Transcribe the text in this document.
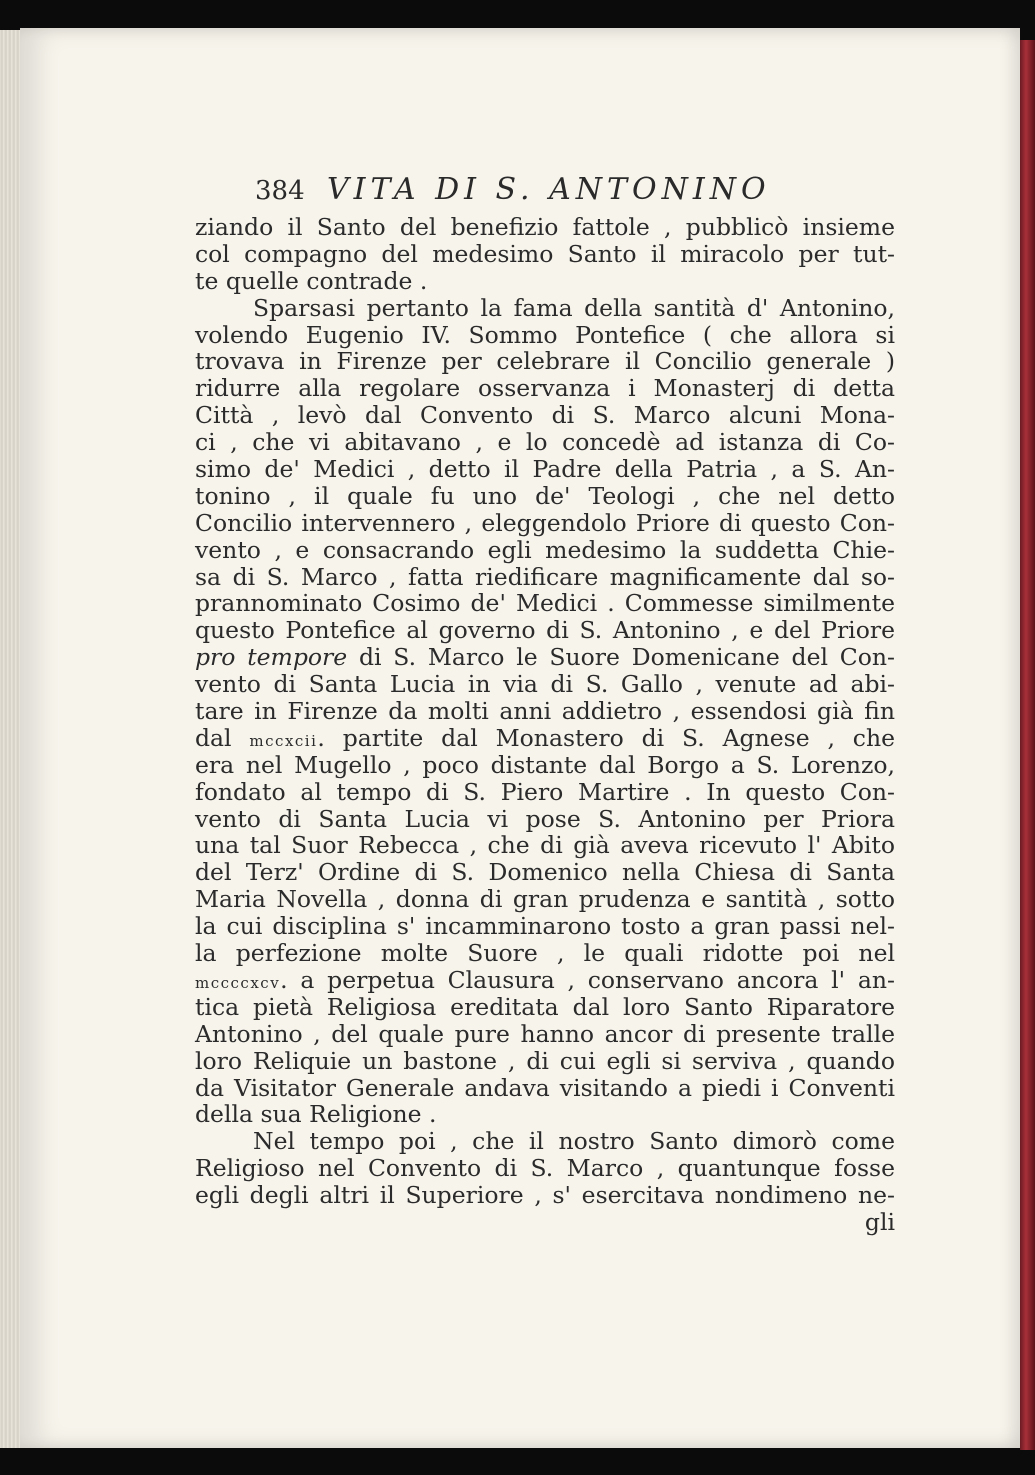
384 VITA DI S. ANTONINO
ziando il Santo del benefizio fattole , pubblicò insieme
col compagno del medesimo Santo il miracolo per tut-
te quelle contrade .
Sparsasi pertanto la fama della santità d' Antonino,
volendo Eugenio IV. Sommo Pontefice ( che allora si
trovava in Firenze per celebrare il Concilio generale )
ridurre alla regolare osservanza i Monasterj di detta
Città , levò dal Convento di S. Marco alcuni Mona-
ci , che vi abitavano , e lo concedè ad istanza di Co-
simo de' Medici , detto il Padre della Patria , a S. An-
tonino , il quale fu uno de' Teologi , che nel detto
Concilio intervennero , eleggendolo Priore di questo Con-
vento , e consacrando egli medesimo la suddetta Chie-
sa di S. Marco , fatta riedificare magnificamente dal so-
prannominato Cosimo de' Medici . Commesse similmente
questo Pontefice al governo di S. Antonino , e del Priore
pro tempore di S. Marco le Suore Domenicane del Con-
vento di Santa Lucia in via di S. Gallo , venute ad abi-
tare in Firenze da molti anni addietro , essendosi già fin
dal mccxcii. partite dal Monastero di S. Agnese , che
era nel Mugello , poco distante dal Borgo a S. Lorenzo,
fondato al tempo di S. Piero Martire . In questo Con-
vento di Santa Lucia vi pose S. Antonino per Priora
una tal Suor Rebecca , che di già aveva ricevuto l' Abito
del Terz' Ordine di S. Domenico nella Chiesa di Santa
Maria Novella , donna di gran prudenza e santità , sotto
la cui disciplina s' incamminarono tosto a gran passi nel-
la perfezione molte Suore , le quali ridotte poi nel
mccccxcv. a perpetua Clausura , conservano ancora l' an-
tica pietà Religiosa ereditata dal loro Santo Riparatore
Antonino , del quale pure hanno ancor di presente tralle
loro Reliquie un bastone , di cui egli si serviva , quando
da Visitator Generale andava visitando a piedi i Conventi
della sua Religione .
Nel tempo poi , che il nostro Santo dimorò come
Religioso nel Convento di S. Marco , quantunque fosse
egli degli altri il Superiore , s' esercitava nondimeno ne-
gli
